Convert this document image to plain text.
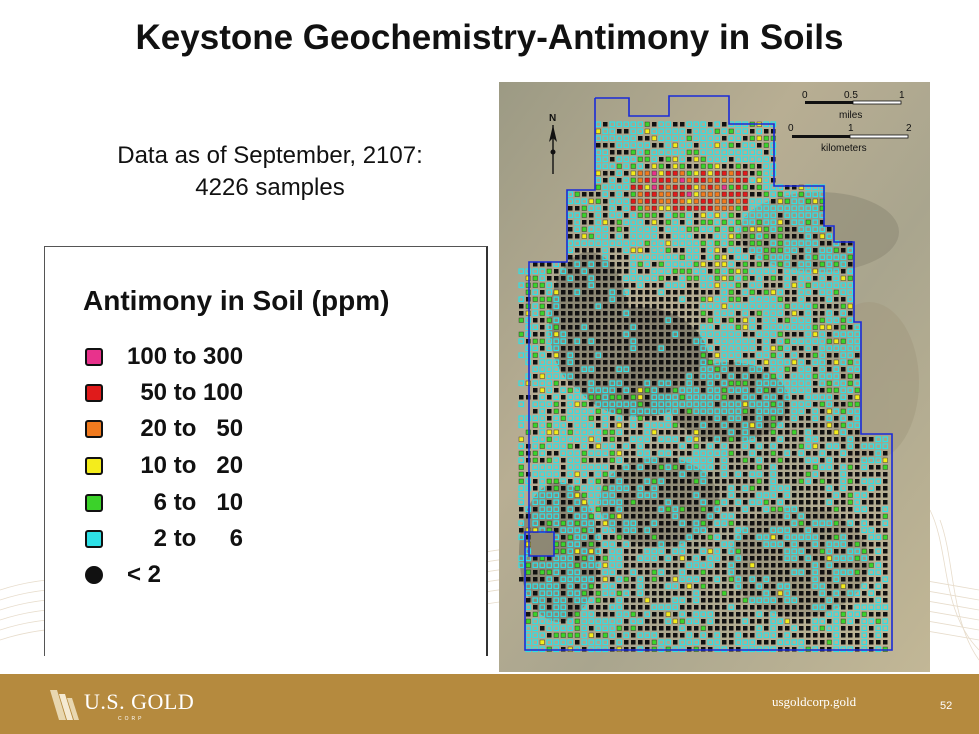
Keystone Geochemistry-Antimony in Soils
Data as of September, 2107:
4226 samples
Antimony in Soil (ppm)
100 to 300
50 to 100
20 to   50
10 to   20
6 to   10
2 to     6
< 2
N
0	0.5	1
miles
0	1	2
kilometers
U.S. GOLD
CORP
usgoldcorp.gold	52
